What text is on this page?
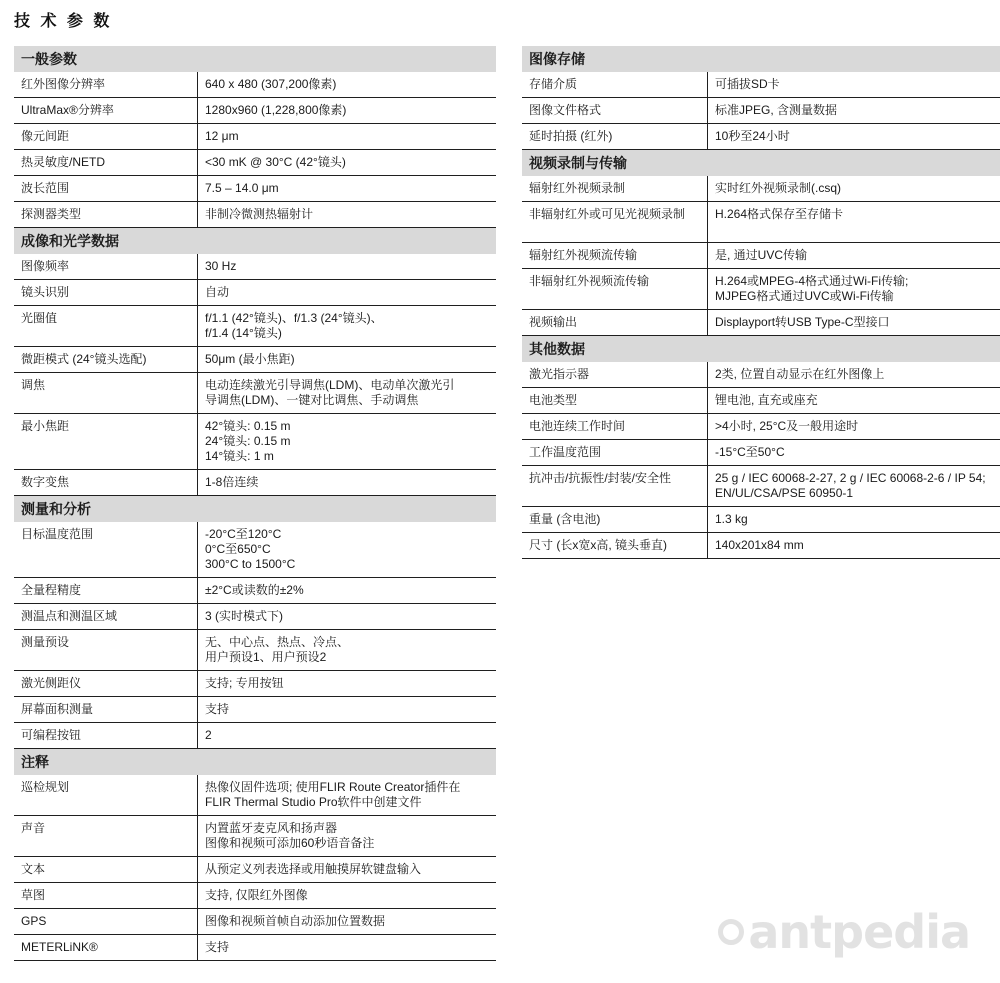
技 术 参 数
一般参数
红外图像分辨率	640 x 480 (307,200像素)
UltraMax®分辨率	1280x960 (1,228,800像素)
像元间距	12 μm
热灵敏度/NETD	<30 mK @ 30°C (42°镜头)
波长范围	7.5 – 14.0 μm
探测器类型	非制冷微测热辐射计
成像和光学数据
图像频率	30 Hz
镜头识别	自动
光圈值	f/1.1 (42°镜头)、f/1.3 (24°镜头)、
f/1.4 (14°镜头)
微距模式 (24°镜头选配)	50μm (最小焦距)
调焦	电动连续激光引导调焦(LDM)、电动单次激光引
导调焦(LDM)、一键对比调焦、手动调焦
最小焦距	42°镜头: 0.15 m
24°镜头: 0.15 m
14°镜头: 1 m
数字变焦	1-8倍连续
测量和分析
目标温度范围	-20°C至120°C
0°C至650°C
300°C to 1500°C
全量程精度	±2°C或读数的±2%
测温点和测温区域	3 (实时模式下)
测量预设	无、中心点、热点、冷点、
用户预设1、用户预设2
激光侧距仪	支持; 专用按钮
屏幕面积测量	支持
可编程按钮	2
注释
巡检规划	热像仪固件选项; 使用FLIR Route Creator插件在
FLIR Thermal Studio Pro软件中创建文件
声音	内置蓝牙麦克风和扬声器
图像和视频可添加60秒语音备注
文本	从预定义列表选择或用触摸屏软键盘输入
草图	支持, 仅限红外图像
GPS	图像和视频首帧自动添加位置数据
METERLiNK®	支持
图像存储
存储介质	可插拔SD卡
图像文件格式	标准JPEG, 含测量数据
延时拍摄 (红外)	10秒至24小时
视频录制与传输
辐射红外视频录制	实时红外视频录制(.csq)
非辐射红外或可见光视频录制	H.264格式保存至存储卡

辐射红外视频流传输	是, 通过UVC传输
非辐射红外视频流传输	H.264或MPEG-4格式通过Wi-Fi传输;
MJPEG格式通过UVC或Wi-Fi传输
视频输出	Displayport转USB Type-C型接口
其他数据
激光指示器	2类, 位置自动显示在红外图像上
电池类型	锂电池, 直充或座充
电池连续工作时间	>4小时, 25°C及一般用途时
工作温度范围	-15°C至50°C
抗冲击/抗振性/封装/安全性	25 g / IEC 60068-2-27, 2 g / IEC 60068-2-6 / IP 54;
EN/UL/CSA/PSE 60950-1
重量 (含电池)	1.3 kg
尺寸 (长x宽x高, 镜头垂直)	140x201x84 mm
antpedia
